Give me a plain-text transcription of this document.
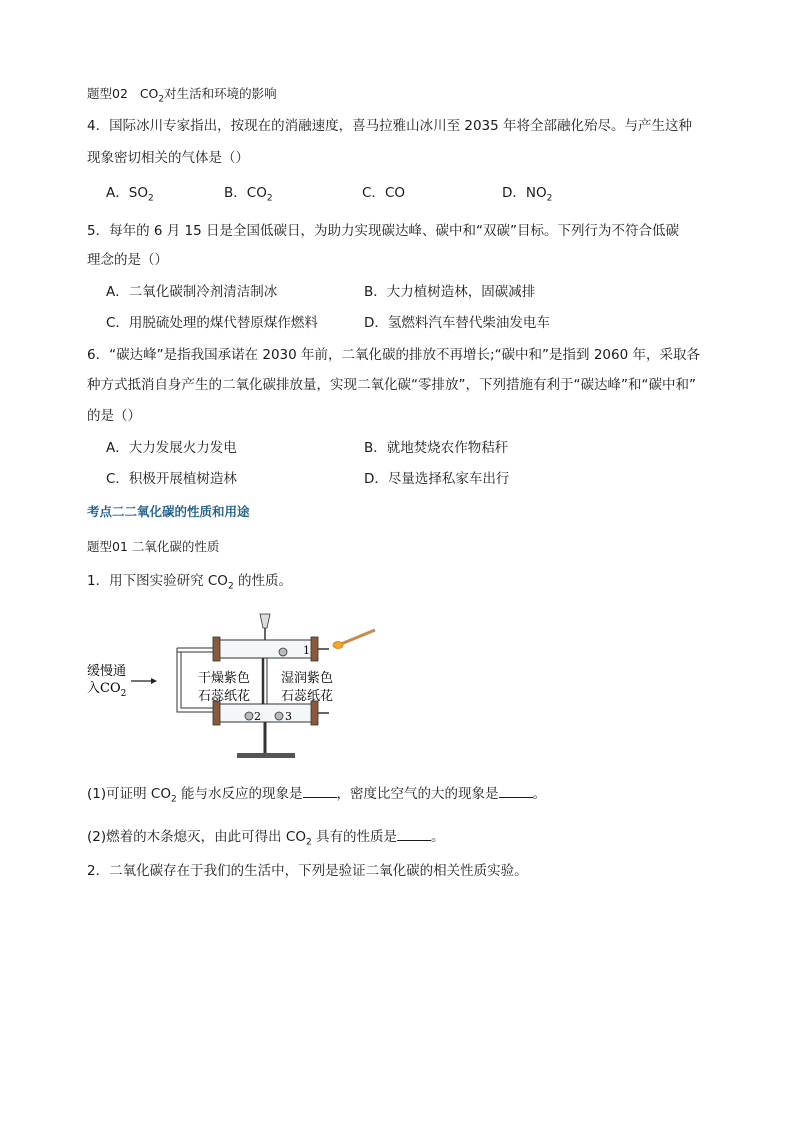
题型02 $CO_2$对生活和环境的影响
4．国际冰川专家指出，按现在的消融速度，喜马拉雅山冰川至 2035 年将全部融化殆尽。与产生这种
现象密切相关的气体是（）
A．$SO_2$	B．$CO_2$	C．CO	D．$NO_2$
5．每年的 6 月 15 日是全国低碳日，为助力实现碳达峰、碳中和“双碳”目标。下列行为不符合低碳
理念的是（）
A．二氧化碳制冷剂清洁制冰	B．大力植树造林，固碳减排
C．用脱硫处理的煤代替原煤作燃料	D．氢燃料汽车替代柴油发电车
6．“碳达峰”是指我国承诺在 2030 年前，二氧化碳的排放不再增长;“碳中和”是指到 2060 年，采取各
种方式抵消自身产生的二氧化碳排放量，实现二氧化碳“零排放”，下列措施有利于“碳达峰”和“碳中和”
的是（）
A．大力发展火力发电	B．就地焚烧农作物秸秆
C．积极开展植树造林	D．尽量选择私家车出行
考点二二氧化碳的性质和用途
题型01 二氧化碳的性质
1．用下图实验研究 $CO_2$ 的性质。
缓慢通
入$CO_2$
1
2 3
干燥紫色
石蕊纸花
湿润紫色
石蕊纸花
(1)可证明 $CO_2$ 能与水反应的现象是	，密度比空气的大的现象是	。
(2)燃着的木条熄灭，由此可得出 $CO_2$ 具有的性质是	。
2．二氧化碳存在于我们的生活中，下列是验证二氧化碳的相关性质实验。
